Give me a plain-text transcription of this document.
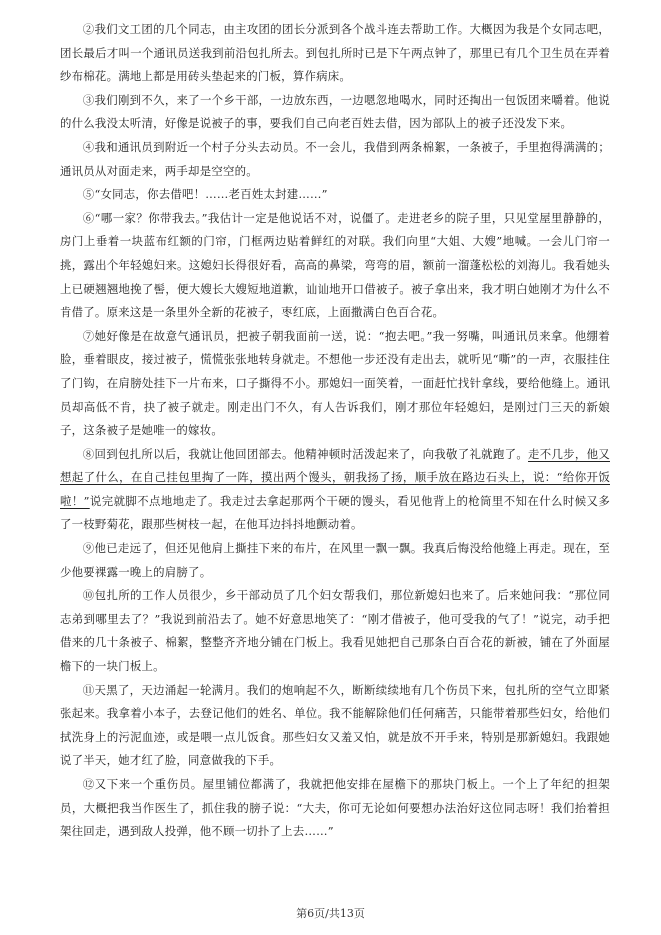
②我们文工团的几个同志，由主攻团的团长分派到各个战斗连去帮助工作。大概因为我是个女同志吧，团长最后才叫一个通讯员送我到前沿包扎所去。到包扎所时已是下午两点钟了，那里已有几个卫生员在弄着纱布棉花。满地上都是用砖头垫起来的门板，算作病床。

③我们刚到不久，来了一个乡干部，一边放东西，一边嗯忽地喝水，同时还掏出一包饭团来嚼着。他说的什么我没太听清，好像是说被子的事，要我们自己向老百姓去借，因为部队上的被子还没发下来。

④我和通讯员到附近一个村子分头去动员。不一会儿，我借到两条棉絮，一条被子，手里抱得满满的；通讯员从对面走来，两手却是空空的。

⑤“女同志，你去借吧！……老百姓太封建……”

⑥“哪一家？你带我去。”我估计一定是他说话不对，说僵了。走进老乡的院子里，只见堂屋里静静的，房门上垂着一块蓝布红额的门帘，门框两边贴着鲜红的对联。我们向里“大姐、大嫂”地喊。一会儿门帘一挑，露出个年轻媳妇来。这媳妇长得很好看，高高的鼻梁，弯弯的眉，额前一溜蓬松松的刘海儿。我看她头上已硬翘翘地挽了髻，便大嫂长大嫂短地道歉，讪讪地开口借被子。被子拿出来，我才明白她刚才为什么不肯借了。原来这是一条里外全新的花被子，枣红底，上面撒满白色百合花。

⑦她好像是在故意气通讯员，把被子朝我面前一送，说：“抱去吧。”我一努嘴，叫通讯员来拿。他绷着脸，垂着眼皮，接过被子，慌慌张张地转身就走。不想他一步还没有走出去，就听见“嘶”的一声，衣服挂住了门钩，在肩膀处挂下一片布来，口子撕得不小。那媳妇一面笑着，一面赶忙找针拿线，要给他缝上。通讯员却高低不肯，抉了被子就走。刚走出门不久，有人告诉我们，刚才那位年轻媳妇，是刚过门三天的新娘子，这条被子是她唯一的嫁妆。

⑧回到包扎所以后，我就让他回团部去。他精神顿时活泼起来了，向我敬了礼就跑了。走不几步，他又想起了什么，在自己挂包里掏了一阵，摸出两个馒头，朝我扬了扬，顺手放在路边石头上，说：“给你开饭啦！”说完就脚不点地地走了。我走过去拿起那两个干硬的馒头，看见他背上的枪筒里不知在什么时候又多了一枝野菊花，跟那些树枝一起，在他耳边抖抖地颤动着。

⑨他已走远了，但还见他肩上撕挂下来的布片，在风里一飘一飘。我真后悔没给他缝上再走。现在，至少他要裸露一晚上的肩膀了。

⑩包扎所的工作人员很少，乡干部动员了几个妇女帮我们，那位新媳妇也来了。后来她问我：“那位同志弟到哪里去了？”我说到前沿去了。她不好意思地笑了：“刚才借被子，他可受我的气了！”说完，动手把借来的几十条被子、棉絮，整整齐齐地分铺在门板上。我看见她把自己那条白百合花的新被，铺在了外面屋檐下的一块门板上。

⑪天黑了，天边涌起一轮满月。我们的炮响起不久，断断续续地有几个伤员下来，包扎所的空气立即紧张起来。我拿着小本子，去登记他们的姓名、单位。我不能解除他们任何痛苦，只能带着那些妇女，给他们拭洗身上的污泥血迹，或是喂一点儿饭食。那些妇女又羞又怕，就是放不开手来，特别是那新媳妇。我跟她说了半天，她才红了脸，同意做我的下手。

⑫又下来一个重伤员。屋里铺位都满了，我就把他安排在屋檐下的那块门板上。一个上了年纪的担架员，大概把我当作医生了，抓住我的膀子说：“大夫，你可无论如何要想办法治好这位同志呀！我们抬着担架往回走，遇到敌人投弹，他不顾一切扑了上去……”

第6页/共13页
